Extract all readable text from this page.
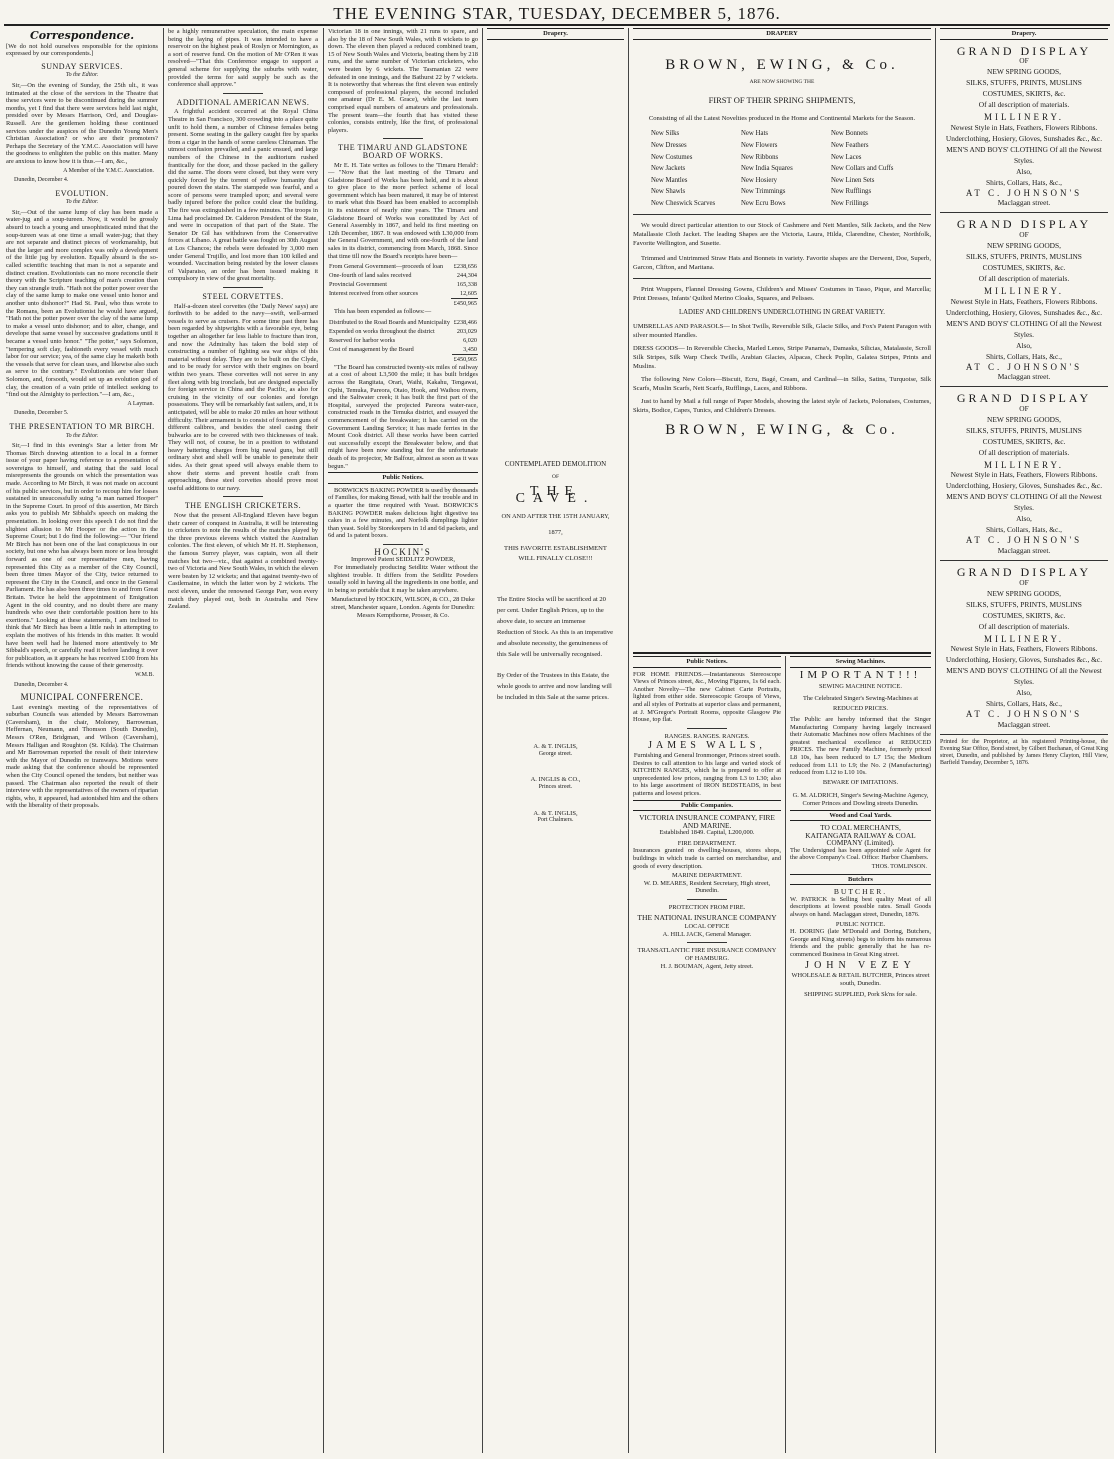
THE EVENING STAR, TUESDAY, DECEMBER 5, 1876.
Correspondence.

[We do not hold ourselves responsible for the opinions expressed by our correspondents.]

SUNDAY SERVICES.
To the Editor.

Sir,—On the evening of Sunday, the 25th ult., it was intimated at the close of the services in the Theatre that these services were to be discontinued during the summer months, yet I find that there were services held last night, presided over by Messrs Harrison, Ord, and Douglas-Russell. Are the gentlemen holding these continued services under the auspices of the Dunedin Young Men's Christian Association? or who are their promoters? Perhaps the Secretary of the Y.M.C. Association will have the goodness to enlighten the public on this matter. Many are anxious to know how it is thus.—I am, &c.,

A Member of the Y.M.C. Association.
Dunedin, December 4.
EVOLUTION.
To the Editor.

Sir,—Out of the same lump of clay has been made a water-jug and a soup-tureen. Now, it would be grossly absurd to teach a young and unsophisticated mind that the soup-tureen was at one time a small water-jug; that they are not separate and distinct pieces of workmanship, but that the larger and more complex was only a development of the little jug by evolution. Equally absurd is the so-called scientific teaching that man is not a separate and distinct creation. Evolutionists can no more reconcile their theory with the Scripture teaching of man's creation than they can strangle truth. "Hath not the potter power over the clay of the same lump to make one vessel unto honor and another unto dishonor?" Had St. Paul, who thus wrote to the Romans, been an Evolutionist he would have argued, "Hath not the potter power over the clay of the same lump to make a vessel unto dishonor; and to alter, change, and develope that same vessel by successive gradations until it became a vessel unto honor." "The potter," says Solomon, "tempering soft clay, fashioneth every vessel with much labor for our service; yea, of the same clay he maketh both the vessels that serve for clean uses, and likewise also such as serve to the contrary." Evolutionists are wiser than Solomon, and, forsooth, would set up an evolution god of clay, the creation of a vain pride of intellect seeking to "find out the Almighty to perfection."—I am, &c.,

A Layman.
Dunedin, December 5.
THE PRESENTATION TO MR BIRCH.
To the Editor.

Sir,—I find in this evening's Star a letter from Mr Thomas Birch drawing attention to a local in a former issue of your paper having reference to a presentation of sovereigns to himself, and stating that the said local misrepresents the grounds on which the presentation was made. According to Mr Birch, it was not made on account of his public services, but in order to recoup him for losses sustained in unsuccessfully suing "a man named Hooper" in the Supreme Court. In proof of this assertion, Mr Birch asks you to publish Mr Sibbald's speech on making the presentation. In looking over this speech I do not find the slightest allusion to Mr Hooper or the action in the Supreme Court; but I do find the following:— "Our friend Mr Birch has not been one of the last conspicuous in our society, but one who has always been more or less brought forward as one of our representative men, having represented this City as a member of the City Council, been three times Mayor of the City, twice returned to represent the City in the Council, and once in the General Parliament. He has also been three times to and from Great Britain. Twice he held the appointment of Emigration Agent in the old country, and no doubt there are many hundreds who owe their comfortable position here to his exertions." Looking at these statements, I am inclined to think that Mr Birch has been a little rash in attempting to explain the motives of his friends in this matter. It would have been well had he listened more attentively to Mr Sibbald's speech, or carefully read it before landing it over for publication, as it appears he has received £100 from his friends without knowing the cause of their generosity.

W.M.B.
Dunedin, December 4.
MUNICIPAL CONFERENCE.

Last evening's meeting of the representatives of suburban Councils was attended by Messrs Barrowman (Caversham), in the chair, Moloney, Barrowman, Heffernan, Neumann, and Thomson (South Dunedin), Messrs O'Ren, Bridgman, and Wilson (Caversham), Messrs Halligan and Roughton (St. Kilda). The Chairman and Mr Barrowman reported the result of their interview with the Mayor of Dunedin re tramways. Motions were made asking that the conference should be represented when the City Council opened the tenders, but neither was passed. The Chairman also reported the result of their interview with the representatives of the owners of riparian rights, who, it appeared, had astonished him and the others with the liberality of their proposals.

be a highly remunerative speculation, the main expense being the laying of pipes. It was intended to have a reservoir on the highest peak of Roslyn or Mornington, as a sort of reserve fund. On the motion of Mr O'Ren it was resolved—"That this Conference engage to support a general scheme for supplying the suburbs with water, provided the terms for said supply be such as the conference shall approve."

ADDITIONAL AMERICAN NEWS.

A frightful accident occurred at the Royal China Theatre in San Francisco, 300 crowding into a place quite unfit to hold them, a number of Chinese females being present. Some seating in the gallery caught fire by sparks from a cigar in the hands of some careless Chinaman. The utmost confusion prevailed, and a panic ensued, and large numbers of the Chinese in the auditorium rushed frantically for the door, and those packed in the gallery did the same. The doors were closed, but they were very quickly forced by the torrent of yellow humanity that poured down the stairs. The stampede was fearful, and a score of persons were trampled upon; and several were badly injured before the police could clear the building. The fire was extinguished in a few minutes. The troops in Lima had proclaimed Dr. Calderon President of the State, and were in occupation of that part of the State. The Senator Dr Gil has withdrawn from the Conservative forces at Libano. A great battle was fought on 30th August at Los Chancos; the rebels were defeated by 3,000 men under General Trujillo, and lost more than 100 killed and wounded. Vaccination being resisted by the lower classes of Valparaiso, an order has been issued making it compulsory in view of the great mortality.

STEEL CORVETTES.

Half-a-dozen steel corvettes (the 'Daily News' says) are forthwith to be added to the navy—swift, well-armed vessels to serve as cruisers. For some time past there has been regarded by shipwrights with a favorable eye, being together an altogether far less liable to fracture than iron, and now the Admiralty has taken the bold step of constructing a number of fighting sea war ships of this material without delay. They are to be built on the Clyde, and to be ready for service with their engines on board within two years. These corvettes will not serve in any fleet along with big ironclads, but are designed especially for foreign service in China and the Pacific, as also for cruising in the vicinity of our colonies and foreign possessions. They will be remarkably fast sailers, and, it is anticipated, will be able to make 20 miles an hour without difficulty. Their armament is to consist of fourteen guns of different calibres, and besides the steel casing their bulwarks are to be covered with two thicknesses of teak. They will not, of course, be in a position to withstand heavy battering charges from big naval guns, but still ordinary shot and shell will be unable to penetrate their sides. As their great speed will always enable them to show their sterns and prevent hostile craft from approaching, these steel corvettes should prove most useful additions to our navy.

THE ENGLISH CRICKETERS.

Now that the present All-England Eleven have begun their career of conquest in Australia, it will be interesting to cricketers to note the results of the matches played by the three previous elevens which visited the Australian colonies. The first eleven, of which Mr H. H. Stephenson, the famous Surrey player, was captain, won all their matches but two—viz., that against a combined twenty-two of Victoria and New South Wales, in which the eleven were beaten by 12 wickets; and that against twenty-two of Castlemaine, in which the latter won by 2 wickets. The next eleven, under the renowned George Parr, won every match they played out, both in Australia and New Zealand.

Victorian 18 in one innings, with 21 runs to spare, and also by the 18 of New South Wales, with 8 wickets to go down. The eleven then played a reduced combined team, 15 of New South Wales and Victoria, beating them by 218 runs, and the same number of Victorian cricketers, who were beaten by 6 wickets. The Tasmanian 22 were defeated in one innings, and the Bathurst 22 by 7 wickets. It is noteworthy that whereas the first eleven was entirely composed of professional players, the second included one amateur (Dr E. M. Grace), while the last team comprised equal numbers of amateurs and professionals. The present team—the fourth that has visited these colonies, consists entirely, like the first, of professional players.

THE TIMARU AND GLADSTONE BOARD OF WORKS.

Mr E. H. Tate writes as follows to the 'Timaru Herald':— "Now that the last meeting of the Timaru and Gladstone Board of Works has been held, and it is about to give place to the more perfect scheme of local government which has been matured, it may be of interest to mark what this Board has been enabled to accomplish in its existence of nearly nine years. The Timaru and Gladstone Board of Works was constituted by Act of General Assembly in 1867, and held its first meeting on 12th December, 1867. It was endowed with L30,000 from the General Government, and with one-fourth of the land sales in its district, commencing from March, 1868. Since that time till now the Board's receipts have been—

From General Government—proceeds of loan	£238,656
One-fourth of land sales received	244,304
Provincial Government	165,338
Interest received from other sources	12,605
	£450,965

This has been expended as follows:—

Distributed to the Road Boards and Municipality	£238,466
Expended on works throughout the district	203,029
Reserved for harbor works	6,020
Cost of management by the Board	3,450
	£450,965

"The Board has constructed twenty-six miles of railway at a cost of about L3,500 the mile; it has built bridges across the Rangitata, Orari, Waihi, Kakahu, Tengawai, Opihi, Temuka, Pareora, Otaio, Hook, and Waihou rivers, and the Saltwater creek; it has built the first part of the Hospital, surveyed the projected Pareora water-race, constructed roads in the Temuka district, and essayed the commencement of the breakwater; it has carried on the Government Landing Service; it has made ferries in the Mount Cook district. All these works have been carried out successfully except the Breakwater below, and that might have been now standing but for the unfortunate death of its projector, Mr Balfour, almost as soon as it was begun."

Public Notices.

BORWICK'S BAKING POWDER is used by thousands of Families, for making Bread, with half the trouble and in a quarter the time required with Yeast. BORWICK'S BAKING POWDER makes delicious light digestive tea cakes in a few minutes, and Norfolk dumplings lighter than yeast. Sold by Storekeepers in 1d and 6d packets, and 6d and 1s patent boxes.

HOCKIN'S
Improved Patent SEIDLITZ POWDER,

For immediately producing Seidlitz Water without the slightest trouble. It differs from the Seidlitz Powders usually sold in having all the ingredients in one bottle, and in being so portable that it may be taken anywhere.

Manufactured by HOCKIN, WILSON, & CO., 28 Duke street, Manchester square, London. Agents for Dunedin: Messrs Kempthorne, Prosser, & Co.

Drapery.
CONTEMPLATED DEMOLITION
OF
THE CAVE.
ON AND AFTER THE 15TH JANUARY,
1877,
THIS FAVORITE ESTABLISHMENT WILL FINALLY CLOSE!!!

The Entire Stocks will be sacrificed at 20 per cent. Under English Prices, up to the above date, to secure an immense Reduction of Stock. As this is an imperative and absolute necessity, the genuineness of this Sale will be universally recognised.

By Order of the Trustees in this Estate, the whole goods to arrive and now landing will be included in this Sale at the same prices.

A. & T. INGLIS,
George street.
A. INGLIS & CO.,
Princes street.
A. & T. INGLIS,
Port Chalmers.
DRAPERY
BROWN, EWING, & Co.
ARE NOW SHOWING THE
FIRST OF THEIR SPRING SHIPMENTS,

Consisting of all the Latest Novelties produced in the Home and Continental Markets for the Season.

New Silks	New Hats	New Bonnets
New Dresses	New Flowers	New Feathers
New Costumes	New Ribbons	New Laces
New Jackets	New India Squares	New Collars and Cuffs
New Mantles	New Hosiery	New Linen Sets
New Shawls	New Trimmings	New Rufflings
New Cheswick Scarves	New Ecru Bows	New Frillings

We would direct particular attention to our Stock of Cashmere and Nett Mantles, Silk Jackets, and the New Matallassie Cloth Jacket. The leading Shapes are the Victoria, Laura, Hilda, Clarendine, Chester, Northfolk, Favorite Wellington, and Susette.

Trimmed and Untrimmed Straw Hats and Bonnets in variety. Favorite shapes are the Derwent, Doe, Superb, Garcon, Clifton, and Maritana.

Print Wrappers, Flannel Dressing Gowns, Children's and Misses' Costumes in Tasso, Pique, and Marcella; Print Dresses, Infants' Quilted Merino Cloaks, Squares, and Pelisses.

LADIES' AND CHILDREN'S UNDERCLOTHING IN GREAT VARIETY.

UMBRELLAS AND PARASOLS— In Shot Twills, Reversible Silk, Glacie Silks, and Fox's Patent Paragon with silver mounted Handles.

DRESS GOODS— In Reversible Checks, Marled Lenos, Stripe Panama's, Damasks, Silicias, Matalassie, Scroll Silk Stripes, Silk Warp Check Twills, Arabian Glacies, Alpacas, Check Poplin, Galatea Stripes, Prints and Muslins.

The following New Colors—Biscuit, Ecru, Bagé, Cream, and Cardinal—in Silks, Satins, Turquoise, Silk Scarfs, Muslin Scarfs, Nett Scarfs, Rufflings, Laces, and Ribbons.

Just to hand by Mail a full range of Paper Models, showing the latest style of Jackets, Polonaises, Costumes, Skirts, Bodice, Capes, Tunics, and Children's Dresses.

BROWN, EWING, & Co.
Public Notices.

FOR HOME FRIENDS.—Instantaneous Stereoscope Views of Princes street, &c., Moving Figures, 1s 6d each. Another Novelty—The new Cabinet Carte Portraits, lighted from either side. Stereoscopic Groups of Views, and all styles of Portraits at superior class and permanent, at J. M'Gregor's Portrait Rooms, opposite Glasgow Pie House, top flat.

RANGES. RANGES. RANGES.
JAMES WALLS,
Furnishing and General Ironmonger, Princes street south.

Desires to call attention to his large and varied stock of KITCHEN RANGES, which he is prepared to offer at unprecedented low prices, ranging from L3 to L30; also to his large assortment of IRON BEDSTEADS, in best patterns and lowest prices.

Public Companies.
VICTORIA INSURANCE COMPANY, FIRE AND MARINE.
Established 1849. Capital, L200,000.
FIRE DEPARTMENT.

Insurances granted on dwelling-houses, stores shops, buildings in which trade is carried on merchandise, and goods of every description.

MARINE DEPARTMENT.

W. D. MEARES, Resident Secretary, High street, Dunedin.

PROTECTION FROM FIRE.
THE NATIONAL INSURANCE COMPANY
LOCAL OFFICE

A. HILL JACK, General Manager.

TRANSATLANTIC FIRE INSURANCE COMPANY OF HAMBURG.

H. J. BOUMAN, Agent, Jetty street.

Sewing Machines.
IMPORTANT!!!
SEWING MACHINE NOTICE.
The Celebrated Singer's Sewing-Machines at
REDUCED PRICES.

The Public are hereby informed that the Singer Manufacturing Company having largely increased their Automatic Machines now offers Machines of the greatest mechanical excellence at REDUCED PRICES. The new Family Machine, formerly priced L8 10s, has been reduced to L7 15s; the Medium reduced from L11 to L9; the No. 2 (Manufacturing) reduced from L12 to L10 10s.

BEWARE OF IMITATIONS.

G. M. ALDRICH, Singer's Sewing-Machine Agency, Corner Princes and Dowling streets Dunedin.

Wood and Coal Yards.
TO COAL MERCHANTS,
KAITANGATA RAILWAY & COAL COMPANY (Limited).

The Undersigned has been appointed sole Agent for the above Company's Coal. Office: Harbor Chambers.

THOS. TOMLINSON.
Butchers
BUTCHER.

W. PATRICK is Selling best quality Meat of all descriptions at lowest possible rates. Small Goods always on hand. Maclaggan street, Dunedin, 1876.

PUBLIC NOTICE.

H. DORING (late M'Donald and Doring, Butchers, George and King streets) begs to inform his numerous friends and the public generally that he has re-commenced Business in Great King street.

JOHN VEZEY
WHOLESALE & RETAIL BUTCHER, Princes street south, Dunedin.
SHIPPING SUPPLIED, Pork Sk'ns for sale.
Drapery.
GRAND DISPLAY
OF
NEW SPRING GOODS,
SILKS, STUFFS, PRINTS, MUSLINS
COSTUMES, SKIRTS, &c.
Of all description of materials.
MILLINERY.
Newest Style in Hats, Feathers, Flowers Ribbons.
Underclothing, Hosiery, Gloves, Sunshades &c., &c.
MEN'S AND BOYS' CLOTHING Of all the Newest Styles.
Also,
Shirts, Collars, Hats, &c.,
AT C. JOHNSON'S
Maclaggan street.
GRAND DISPLAY
OF
NEW SPRING GOODS,
SILKS, STUFFS, PRINTS, MUSLINS
COSTUMES, SKIRTS, &c.
Of all description of materials.
MILLINERY.
Newest Style in Hats, Feathers, Flowers Ribbons.
Underclothing, Hosiery, Gloves, Sunshades &c., &c.
MEN'S AND BOYS' CLOTHING Of all the Newest Styles.
Also,
Shirts, Collars, Hats, &c.,
AT C. JOHNSON'S
Maclaggan street.
GRAND DISPLAY
OF
NEW SPRING GOODS,
SILKS, STUFFS, PRINTS, MUSLINS
COSTUMES, SKIRTS, &c.
Of all description of materials.
MILLINERY.
Newest Style in Hats, Feathers, Flowers Ribbons.
Underclothing, Hosiery, Gloves, Sunshades &c., &c.
MEN'S AND BOYS' CLOTHING Of all the Newest Styles.
Also,
Shirts, Collars, Hats, &c.,
AT C. JOHNSON'S
Maclaggan street.
GRAND DISPLAY
OF
NEW SPRING GOODS,
SILKS, STUFFS, PRINTS, MUSLINS
COSTUMES, SKIRTS, &c.
Of all description of materials.
MILLINERY.
Newest Style in Hats, Feathers, Flowers Ribbons.
Underclothing, Hosiery, Gloves, Sunshades &c., &c.
MEN'S AND BOYS' CLOTHING Of all the Newest Styles.
Also,
Shirts, Collars, Hats, &c.,
AT C. JOHNSON'S
Maclaggan street.
Printed for the Proprietor, at his registered Printing-house, the Evening Star Office, Bond street, by Gilbert Buchanan, of Great King street, Dunedin, and published by James Henry Clayton, Hill View, Barfield Tuesday, December 5, 1876.
